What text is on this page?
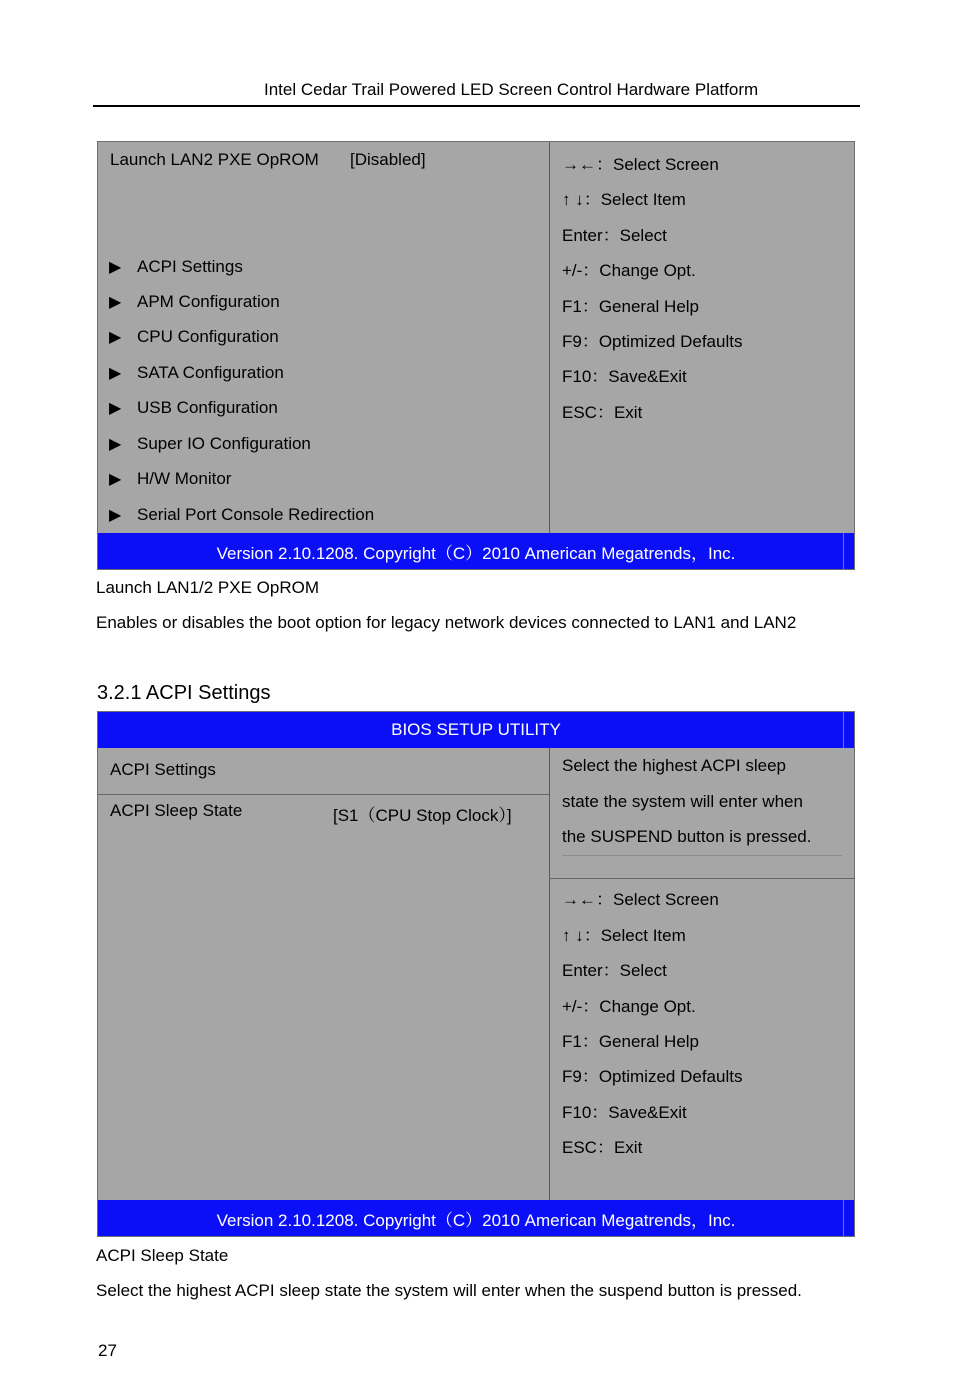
Intel Cedar Trail Powered LED Screen Control Hardware Platform
Launch LAN2 PXE OpROM [Disabled]
▶ ACPI Settings
▶ APM Configuration
▶ CPU Configuration
▶ SATA Configuration
▶ USB Configuration
▶ Super IO Configuration
▶ H/W Monitor
▶ Serial Port Console Redirection
→←：Select Screen
↑ ↓：Select Item
Enter：Select
+/-：Change Opt.
F1：General Help
F9：Optimized Defaults
F10：Save&Exit
ESC：Exit
Version 2.10.1208. Copyright（C）2010 American Megatrends，Inc.
Launch LAN1/2 PXE OpROM
Enables or disables the boot option for legacy network devices connected to LAN1 and LAN2
3.2.1 ACPI Settings
BIOS SETUP UTILITY
ACPI Settings
ACPI Sleep State	[S1（CPU Stop Clock）]
Select the highest ACPI sleep
state the system will enter when
the SUSPEND button is pressed.
→←：Select Screen
↑ ↓：Select Item
Enter：Select
+/-：Change Opt.
F1：General Help
F9：Optimized Defaults
F10：Save&Exit
ESC：Exit
Version 2.10.1208. Copyright（C）2010 American Megatrends，Inc.
ACPI Sleep State
Select the highest ACPI sleep state the system will enter when the suspend button is pressed.
27
